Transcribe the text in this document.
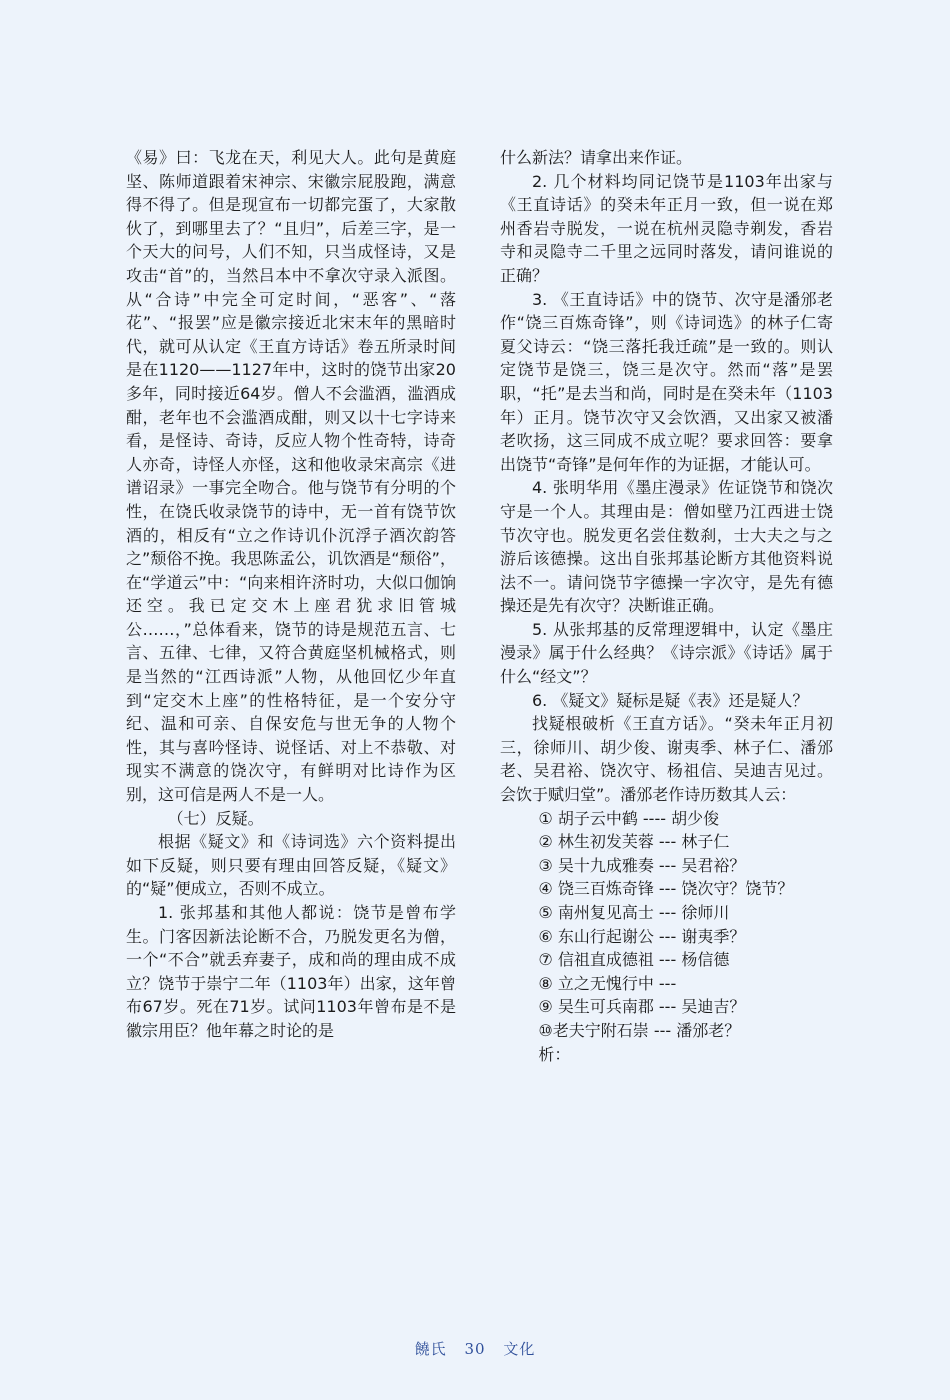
《易》曰：飞龙在天，利见大人。此句是黄庭坚、陈师道跟着宋神宗、宋徽宗屁股跑，满意得不得了。但是现宣布一切都完蛋了，大家散伙了，到哪里去了？“且归”，后差三字，是一个天大的问号，人们不知，只当成怪诗，又是攻击“首”的，当然吕本中不拿次守录入派图。从“合诗”中完全可定时间，“恶客”、“落花”、“报罢”应是徽宗接近北宋末年的黑暗时代，就可从认定《王直方诗话》卷五所录时间是在1120——1127年中，这时的饶节出家20多年，同时接近64岁。僧人不会滥酒，滥酒成酣，老年也不会滥酒成酣，则又以十七字诗来看，是怪诗、奇诗，反应人物个性奇特，诗奇人亦奇，诗怪人亦怪，这和他收录宋高宗《进谱诏录》一事完全吻合。他与饶节有分明的个性，在饶氏收录饶节的诗中，无一首有饶节饮酒的，相反有“立之作诗讥仆沉浮子酒次韵答之”颓俗不挽。我思陈孟公，讥饮酒是“颓俗”，在“学道云”中：“向来相许济时功，大似口伽饷还空。我已定交木上座君犹求旧管城公……，”总体看来，饶节的诗是规范五言、七言、五律、七律，又符合黄庭坚机械格式，则是当然的“江西诗派”人物，从他回忆少年直到“定交木上座”的性格特征，是一个安分守纪、温和可亲、自保安危与世无争的人物个性，其与喜吟怪诗、说怪话、对上不恭敬、对现实不满意的饶次守，有鲜明对比诗作为区别，这可信是两人不是一人。

（七）反疑。

根据《疑文》和《诗词选》六个资料提出如下反疑，则只要有理由回答反疑，《疑文》的“疑”便成立，否则不成立。

1. 张邦基和其他人都说：饶节是曾布学生。门客因新法论断不合，乃脱发更名为僧，一个“不合”就丢弃妻子，成和尚的理由成不成立？饶节于崇宁二年（1103年）出家，这年曾布67岁。死在71岁。试问1103年曾布是不是徽宗用臣？他年幕之时论的是

什么新法？请拿出来作证。

2. 几个材料均同记饶节是1103年出家与《王直诗话》的癸未年正月一致，但一说在郑州香岩寺脱发，一说在杭州灵隐寺剃发，香岩寺和灵隐寺二千里之远同时落发，请问谁说的正确？

3. 《王直诗话》中的饶节、次守是潘邠老作“饶三百炼奇锋”，则《诗词选》的林子仁寄夏父诗云：“饶三落托我迁疏”是一致的。则认定饶节是饶三，饶三是次守。然而“落”是罢职，“托”是去当和尚，同时是在癸未年（1103年）正月。饶节次守又会饮酒，又出家又被潘老吹扬，这三同成不成立呢？要求回答：要拿出饶节“奇锋”是何年作的为证据，才能认可。

4. 张明华用《墨庄漫录》佐证饶节和饶次守是一个人。其理由是：僧如壁乃江西进士饶节次守也。脱发更名尝住数刹，士大夫之与之游后该德操。这出自张邦基论断方其他资料说法不一。请问饶节字德操一字次守，是先有德操还是先有次守？决断谁正确。

5. 从张邦基的反常理逻辑中，认定《墨庄漫录》属于什么经典？《诗宗派》《诗话》属于什么“经文”？

6. 《疑文》疑标是疑《表》还是疑人？

找疑根破析《王直方话》。“癸未年正月初三，徐师川、胡少俊、谢夷季、林子仁、潘邠老、吴君裕、饶次守、杨祖信、吴迪吉见过。会饮于赋归堂”。潘邠老作诗历数其人云：

① 胡子云中鹤 ---- 胡少俊

② 林生初发芙蓉 --- 林子仁

③ 吴十九成雅奏 --- 吴君裕？

④ 饶三百炼奇锋 --- 饶次守？饶节？

⑤ 南州复见高士 --- 徐师川

⑥ 东山行起谢公 --- 谢夷季？

⑦ 信祖直成德祖 --- 杨信德

⑧ 立之无愧行中 ---

⑨ 吴生可兵南郡 --- 吴迪吉？

⑩老夫宁附石崇 --- 潘邠老？

析：

饒氏 30 文化
